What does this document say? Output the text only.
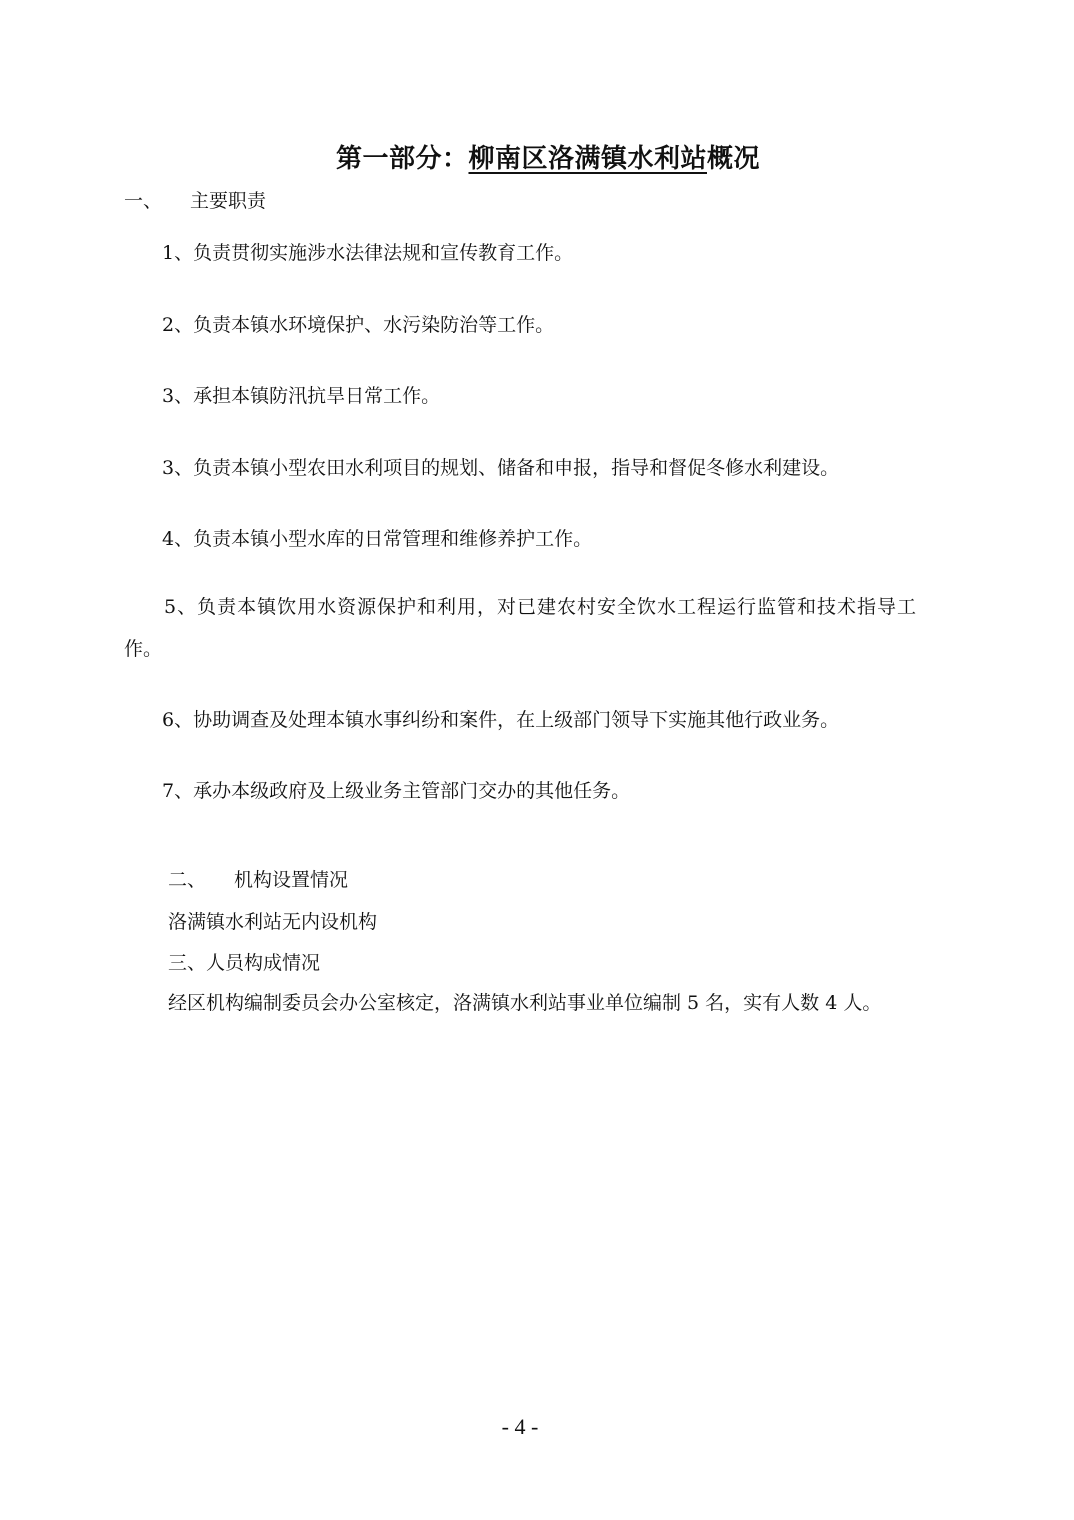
第一部分：柳南区洛满镇水利站概况
一、 主要职责
1、负责贯彻实施涉水法律法规和宣传教育工作。
2、负责本镇水环境保护、水污染防治等工作。
3、承担本镇防汛抗旱日常工作。
3、负责本镇小型农田水利项目的规划、储备和申报，指导和督促冬修水利建设。
4、负责本镇小型水库的日常管理和维修养护工作。
5、负责本镇饮用水资源保护和利用，对已建农村安全饮水工程运行监管和技术指导工作。
6、协助调查及处理本镇水事纠纷和案件，在上级部门领导下实施其他行政业务。
7、承办本级政府及上级业务主管部门交办的其他任务。
二、 机构设置情况
洛满镇水利站无内设机构
三、人员构成情况
经区机构编制委员会办公室核定，洛满镇水利站事业单位编制 5 名，实有人数 4 人。
- 4 -
